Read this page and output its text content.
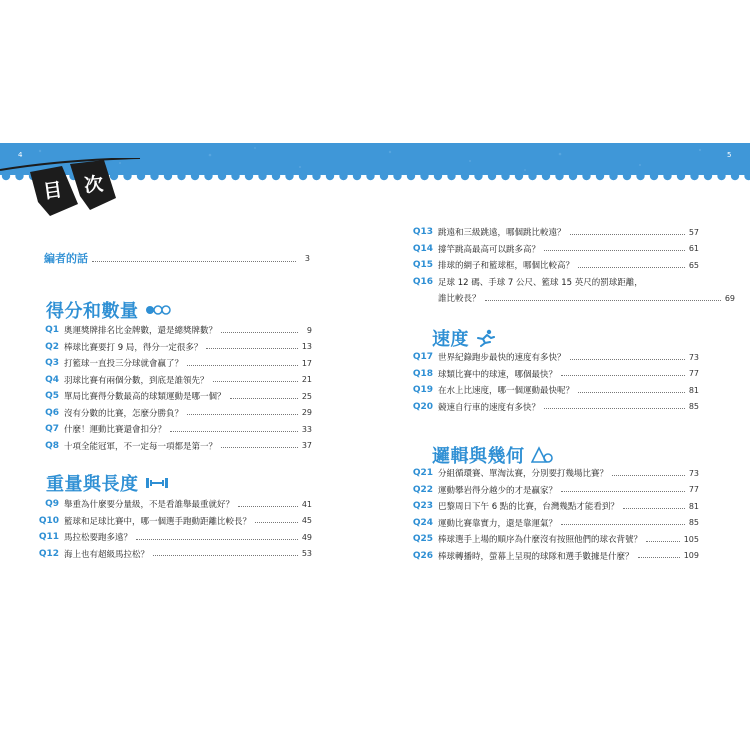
4	5
目 次
編者的話	3
得分和數量
Q1 奧運獎牌排名比金牌數，還是總獎牌數？	9
Q2 棒球比賽要打 9 局，得分一定很多？	13
Q3 打籃球一直投三分球就會贏了？	17
Q4 羽球比賽有兩個分數，到底是誰領先？	21
Q5 單局比賽得分數最高的球類運動是哪一個？	25
Q6 沒有分數的比賽，怎麼分勝負？	29
Q7 什麼！運動比賽還會扣分？	33
Q8 十項全能冠軍，不一定每一項都是第一？	37
重量與長度
Q9 舉重為什麼要分量級，不是看誰舉最重就好？	41
Q10 籃球和足球比賽中，哪一個選手跑動距離比較長？	45
Q11 馬拉松要跑多遠？	49
Q12 海上也有超級馬拉松？	53
Q13 跳遠和三級跳遠，哪個跳比較遠？	57
Q14 撐竿跳高最高可以跳多高？	61
Q15 排球的網子和籃球框，哪個比較高？	65
Q16 足球 12 碼、手球 7 公尺、籃球 15 英尺的罰球距離，
誰比較長？	69
速度
Q17 世界紀錄跑步最快的速度有多快？	73
Q18 球類比賽中的球速，哪個最快？	77
Q19 在水上比速度，哪一個運動最快呢？	81
Q20 競速自行車的速度有多快？	85
邏輯與幾何
Q21 分組循環賽、單淘汰賽，分別要打幾場比賽？	73
Q22 運動攀岩得分越少的才是贏家？	77
Q23 巴黎周日下午 6 點的比賽，台灣幾點才能看到？	81
Q24 運動比賽靠實力，還是靠運氣？	85
Q25 棒球選手上場的順序為什麼沒有按照他們的球衣背號？	105
Q26 棒球轉播時，螢幕上呈現的球隊和選手數據是什麼？	109
